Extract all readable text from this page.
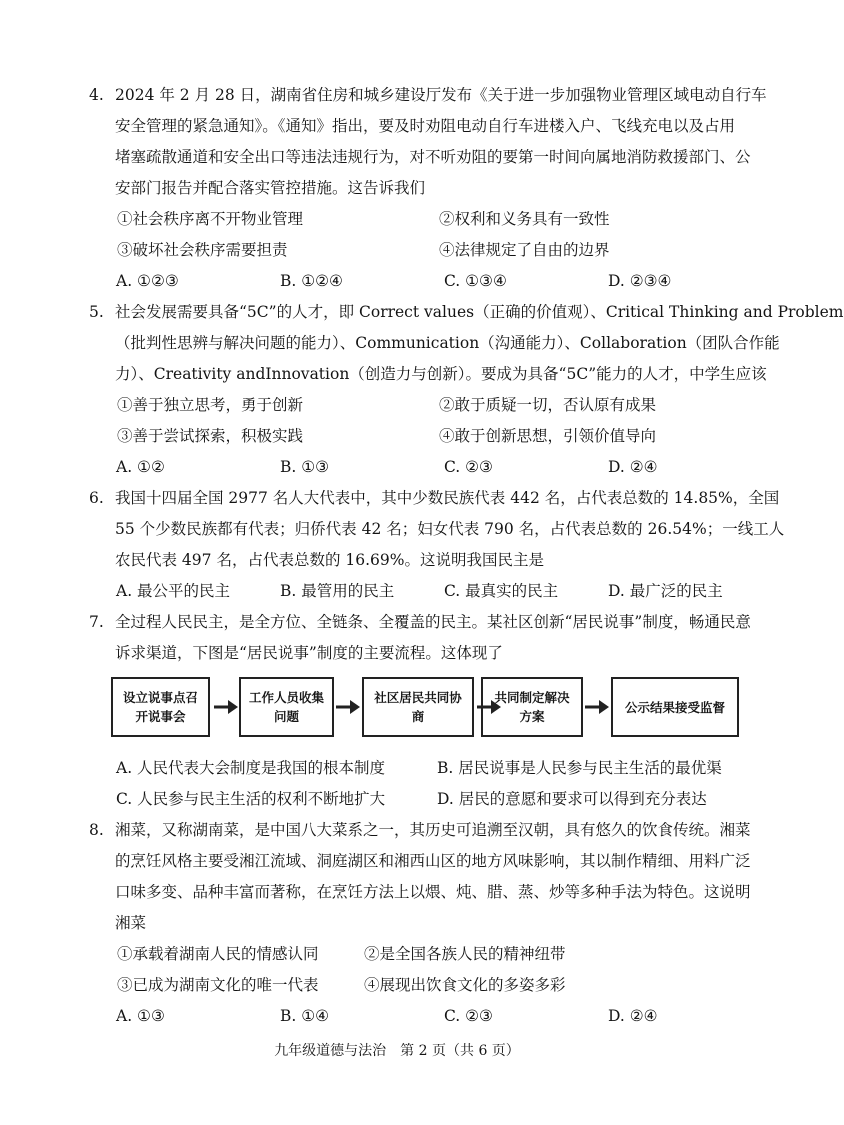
4. 2024 年 2 月 28 日，湖南省住房和城乡建设厅发布《关于进一步加强物业管理区域电动自行车
安全管理的紧急通知》。《通知》指出，要及时劝阻电动自行车进楼入户、飞线充电以及占用
堵塞疏散通道和安全出口等违法违规行为，对不听劝阻的要第一时间向属地消防救援部门、公
安部门报告并配合落实管控措施。这告诉我们
①社会秩序离不开物业管理	②权利和义务具有一致性
③破坏社会秩序需要担责	④法律规定了自由的边界
A. ①②③	B. ①②④	C. ①③④	D. ②③④
5. 社会发展需要具备“5C”的人才，即 Correct values（正确的价值观）、Critical Thinking and Problem
（批判性思辨与解决问题的能力）、Communication（沟通能力）、Collaboration（团队合作能
力）、Creativity andInnovation（创造力与创新）。要成为具备“5C”能力的人才，中学生应该
①善于独立思考，勇于创新	②敢于质疑一切，否认原有成果
③善于尝试探索，积极实践	④敢于创新思想，引领价值导向
A. ①②	B. ①③	C. ②③	D. ②④
6. 我国十四届全国 2977 名人大代表中，其中少数民族代表 442 名，占代表总数的 14.85%，全国
55 个少数民族都有代表；归侨代表 42 名；妇女代表 790 名，占代表总数的 26.54%；一线工人
农民代表 497 名，占代表总数的 16.69%。这说明我国民主是
A. 最公平的民主	B. 最管用的民主	C. 最真实的民主	D. 最广泛的民主
7. 全过程人民民主，是全方位、全链条、全覆盖的民主。某社区创新“居民说事”制度，畅通民意
诉求渠道，下图是“居民说事”制度的主要流程。这体现了
设立说事点召开说事会
工作人员收集问题
社区居民共同协商
共同制定解决方案
公示结果接受监督
A. 人民代表大会制度是我国的根本制度	B. 居民说事是人民参与民主生活的最优渠
C. 人民参与民主生活的权利不断地扩大	D. 居民的意愿和要求可以得到充分表达
8. 湘菜，又称湖南菜，是中国八大菜系之一，其历史可追溯至汉朝，具有悠久的饮食传统。湘菜
的烹饪风格主要受湘江流域、洞庭湖区和湘西山区的地方风味影响，其以制作精细、用料广泛
口味多变、品种丰富而著称，在烹饪方法上以煨、炖、腊、蒸、炒等多种手法为特色。这说明
湘菜
①承载着湖南人民的情感认同	②是全国各族人民的精神纽带
③已成为湖南文化的唯一代表	④展现出饮食文化的多姿多彩
A. ①③	B. ①④	C. ②③	D. ②④
九年级道德与法治　第 2 页（共 6 页）
